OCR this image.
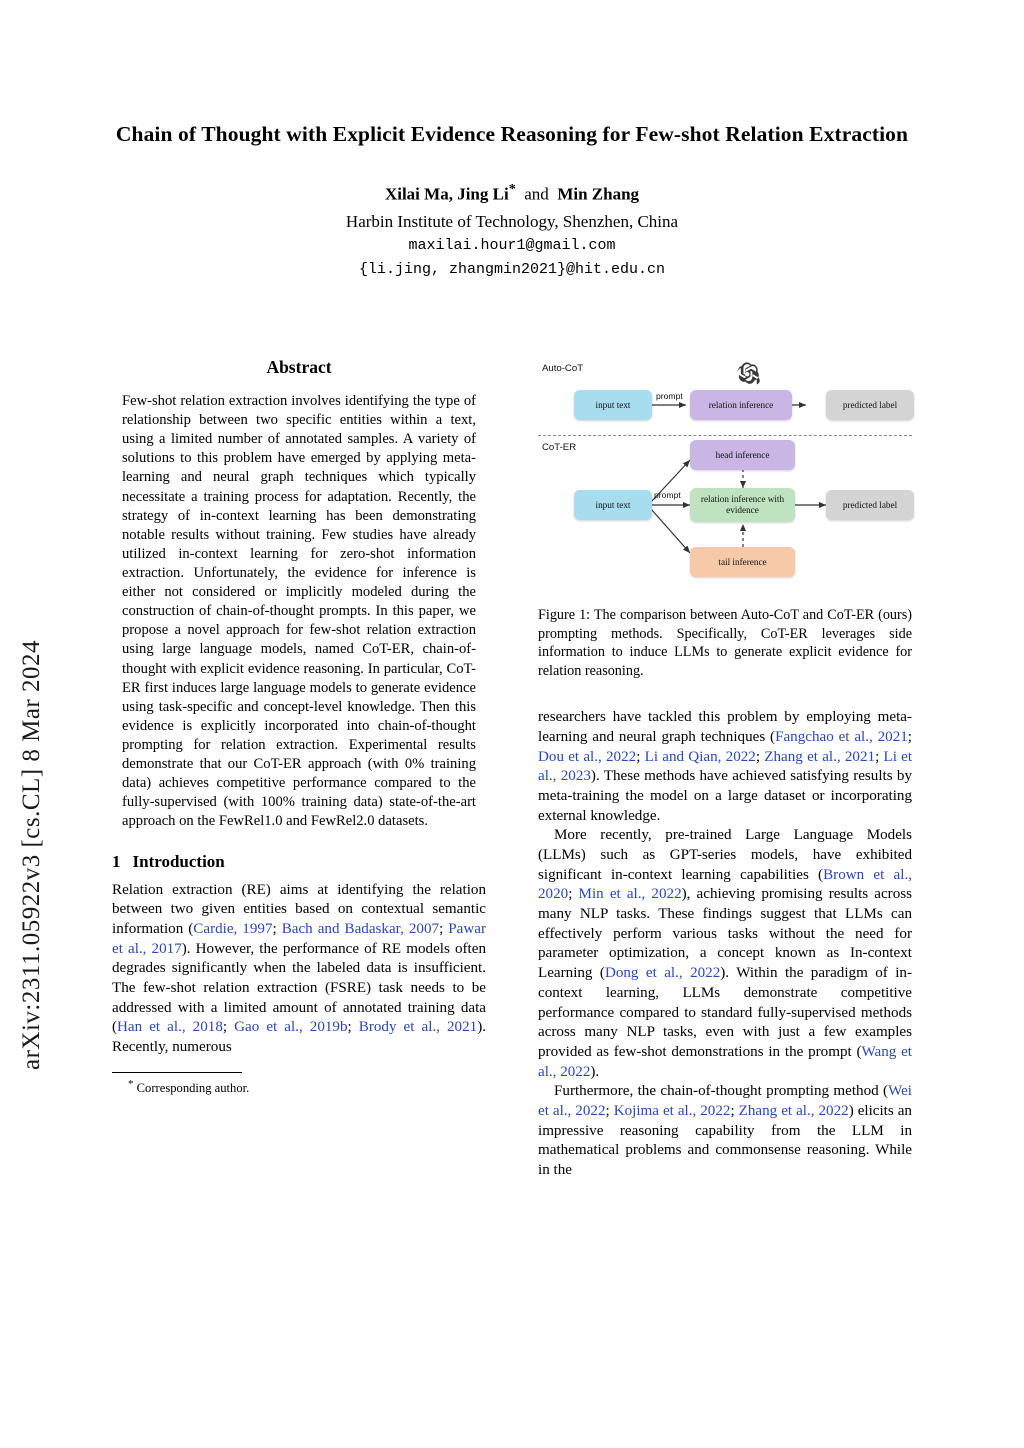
arXiv:2311.05922v3 [cs.CL] 8 Mar 2024
Chain of Thought with Explicit Evidence Reasoning for Few-shot Relation Extraction
Xilai Ma, Jing Li*  and  Min Zhang
Harbin Institute of Technology, Shenzhen, China
maxilai.hour1@gmail.com
{li.jing, zhangmin2021}@hit.edu.cn
Abstract

Few-shot relation extraction involves identifying the type of relationship between two specific entities within a text, using a limited number of annotated samples. A variety of solutions to this problem have emerged by applying meta-learning and neural graph techniques which typically necessitate a training process for adaptation. Recently, the strategy of in-context learning has been demonstrating notable results without training. Few studies have already utilized in-context learning for zero-shot information extraction. Unfortunately, the evidence for inference is either not considered or implicitly modeled during the construction of chain-of-thought prompts. In this paper, we propose a novel approach for few-shot relation extraction using large language models, named CoT-ER, chain-of-thought with explicit evidence reasoning. In particular, CoT-ER first induces large language models to generate evidence using task-specific and concept-level knowledge. Then this evidence is explicitly incorporated into chain-of-thought prompting for relation extraction. Experimental results demonstrate that our CoT-ER approach (with 0% training data) achieves competitive performance compared to the fully-supervised (with 100% training data) state-of-the-art approach on the FewRel1.0 and FewRel2.0 datasets.

1 Introduction

Relation extraction (RE) aims at identifying the relation between two given entities based on contextual semantic information (Cardie, 1997; Bach and Badaskar, 2007; Pawar et al., 2017). However, the performance of RE models often degrades significantly when the labeled data is insufficient. The few-shot relation extraction (FSRE) task needs to be addressed with a limited amount of annotated training data (Han et al., 2018; Gao et al., 2019b; Brody et al., 2021). Recently, numerous

* Corresponding author.
Auto-CoT
input text
prompt
relation inference	predicted label
CoT-ER
head inference
input text
prompt	relation inference with evidence
tail inference
predicted label

Figure 1: The comparison between Auto-CoT and CoT-ER (ours) prompting methods. Specifically, CoT-ER leverages side information to induce LLMs to generate explicit evidence for relation reasoning.

researchers have tackled this problem by employing meta-learning and neural graph techniques (Fangchao et al., 2021; Dou et al., 2022; Li and Qian, 2022; Zhang et al., 2021; Li et al., 2023). These methods have achieved satisfying results by meta-training the model on a large dataset or incorporating external knowledge.

More recently, pre-trained Large Language Models (LLMs) such as GPT-series models, have exhibited significant in-context learning capabilities (Brown et al., 2020; Min et al., 2022), achieving promising results across many NLP tasks. These findings suggest that LLMs can effectively perform various tasks without the need for parameter optimization, a concept known as In-context Learning (Dong et al., 2022). Within the paradigm of in-context learning, LLMs demonstrate competitive performance compared to standard fully-supervised methods across many NLP tasks, even with just a few examples provided as few-shot demonstrations in the prompt (Wang et al., 2022).

Furthermore, the chain-of-thought prompting method (Wei et al., 2022; Kojima et al., 2022; Zhang et al., 2022) elicits an impressive reasoning capability from the LLM in mathematical problems and commonsense reasoning. While in the
